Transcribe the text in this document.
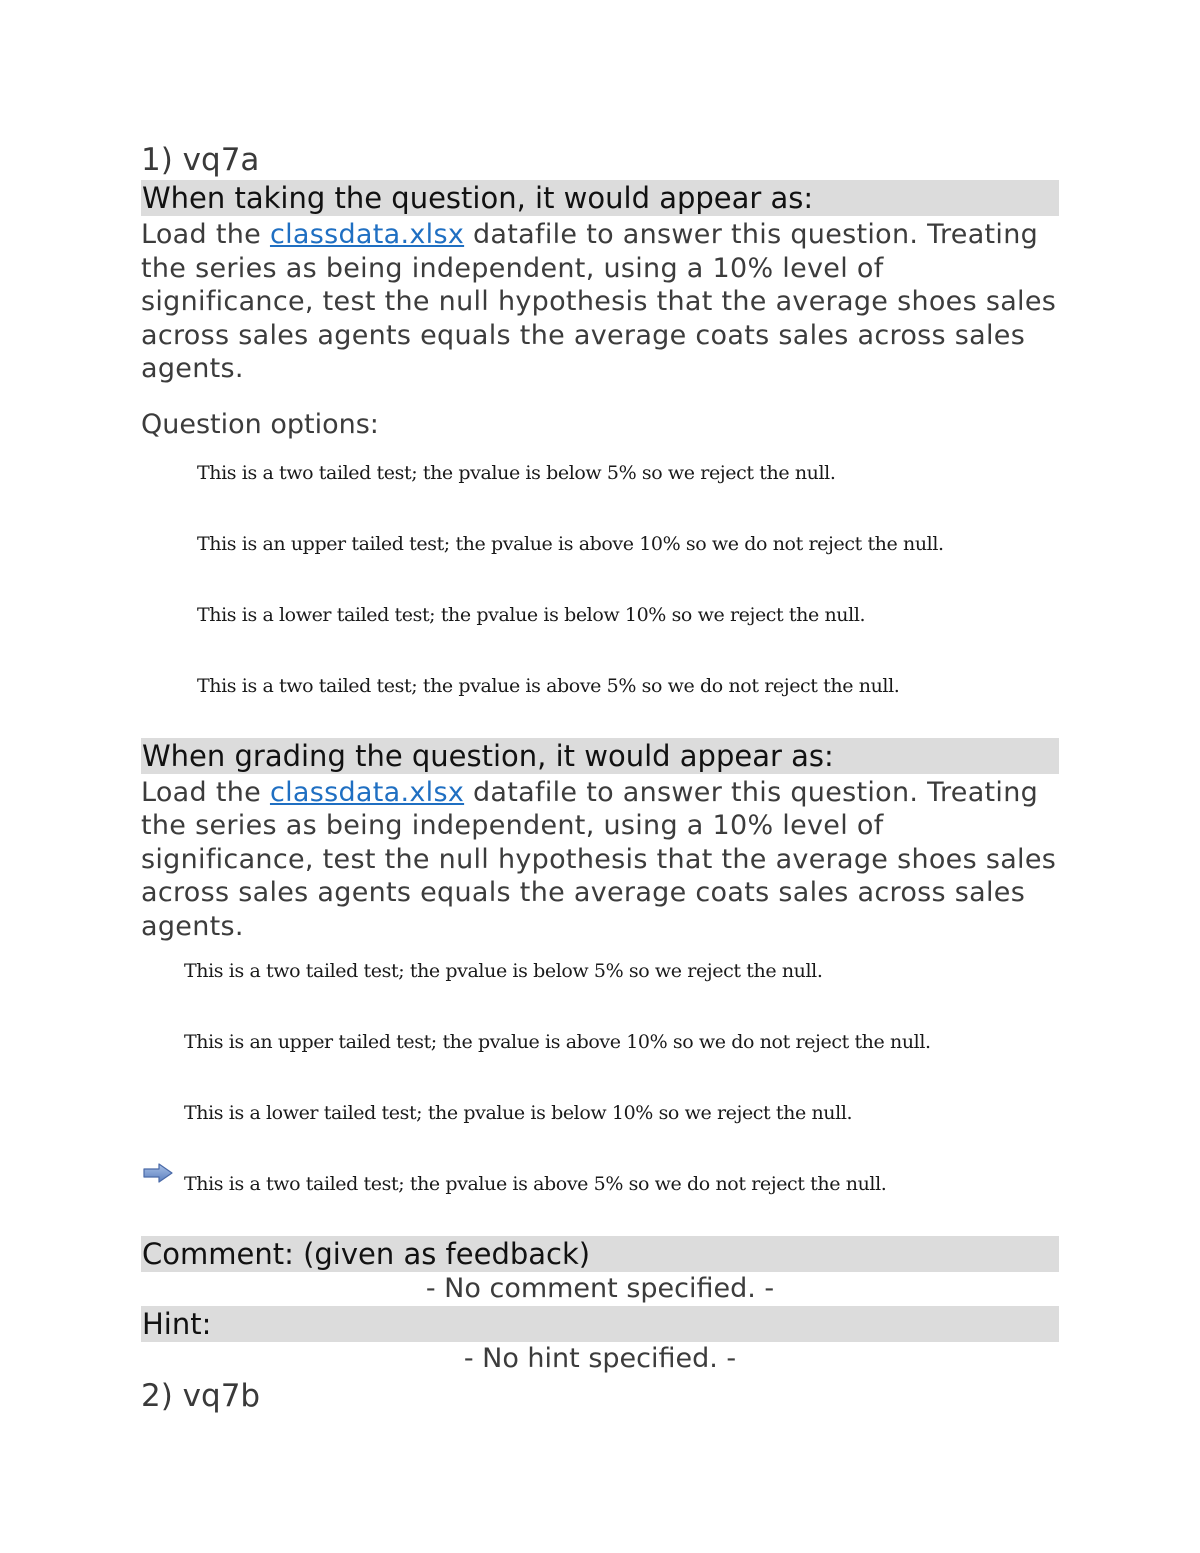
1) vq7a
When taking the question, it would appear as:
Load the classdata.xlsx datafile to answer this question. Treating the series as being independent, using a 10% level of significance, test the null hypothesis that the average shoes sales across sales agents equals the average coats sales across sales agents.
Question options:
This is a two tailed test; the pvalue is below 5% so we reject the null.
This is an upper tailed test; the pvalue is above 10% so we do not reject the null.
This is a lower tailed test; the pvalue is below 10% so we reject the null.
This is a two tailed test; the pvalue is above 5% so we do not reject the null.
When grading the question, it would appear as:
Load the classdata.xlsx datafile to answer this question. Treating the series as being independent, using a 10% level of significance, test the null hypothesis that the average shoes sales across sales agents equals the average coats sales across sales agents.
This is a two tailed test; the pvalue is below 5% so we reject the null.
This is an upper tailed test; the pvalue is above 10% so we do not reject the null.
This is a lower tailed test; the pvalue is below 10% so we reject the null.
This is a two tailed test; the pvalue is above 5% so we do not reject the null.
Comment: (given as feedback)
- No comment specified. -
Hint:
- No hint specified. -
2) vq7b
